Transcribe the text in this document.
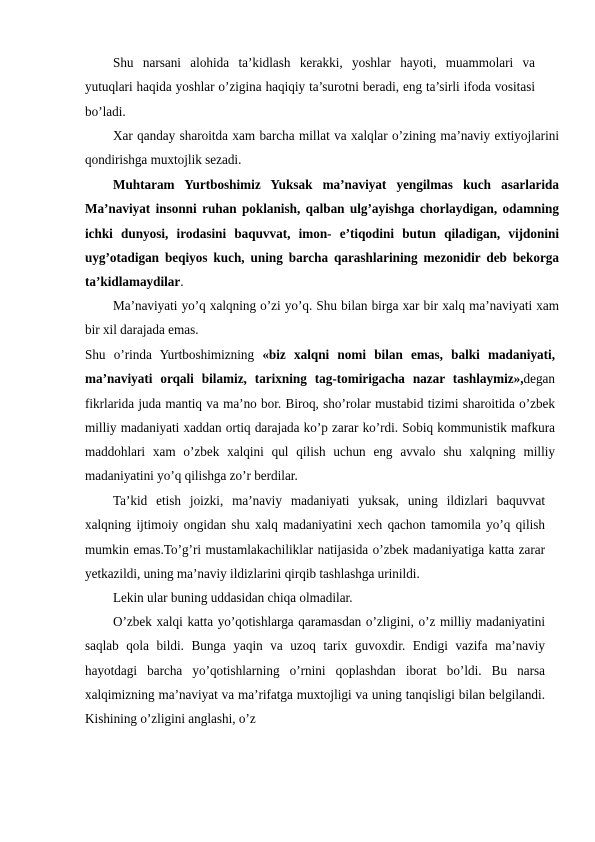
Shu narsani alohida ta’kidlash kerakki, yoshlar hayoti, muammolari va yutuqlari haqida yoshlar o’zigina haqiqiy ta’surotni beradi, eng ta’sirli ifoda vositasi bo’ladi.

Xar qanday sharoitda xam barcha millat va xalqlar o’zining ma’naviy extiyojlarini qondirishga muxtojlik sezadi.

Muhtaram Yurtboshimiz Yuksak ma’naviyat yengilmas kuch asarlarida Ma’naviyat insonni ruhan poklanish, qalban ulg’ayishga chorlaydigan, odamning ichki dunyosi, irodasini baquvvat, imon- e’tiqodini butun qiladigan, vijdonini uyg’otadigan beqiyos kuch, uning barcha qarashlarining mezonidir deb bekorga ta’kidlamaydilar.

Ma’naviyati yo’q xalqning o’zi yo’q. Shu bilan birga xar bir xalq ma’naviyati xam bir xil darajada emas.

Shu o’rinda Yurtboshimizning «biz xalqni nomi bilan emas, balki madaniyati, ma’naviyati orqali bilamiz, tarixning tag-tomirigacha nazar tashlaymiz»,degan fikrlarida juda mantiq va ma’no bor. Biroq, sho’rolar mustabid tizimi sharoitida o’zbek milliy madaniyati xaddan ortiq darajada ko’p zarar ko’rdi. Sobiq kommunistik mafkura maddohlari xam o’zbek xalqini qul qilish uchun eng avvalo shu xalqning milliy madaniyatini yo’q qilishga zo’r berdilar.

Ta’kid etish joizki, ma’naviy madaniyati yuksak, uning ildizlari baquvvat xalqning ijtimoiy ongidan shu xalq madaniyatini xech qachon tamomila yo’q qilish mumkin emas.To’g’ri mustamlakachiliklar natijasida o’zbek madaniyatiga katta zarar yetkazildi, uning ma’naviy ildizlarini qirqib tashlashga urinildi.

Lekin ular buning uddasidan chiqa olmadilar.

O’zbek xalqi katta yo’qotishlarga qaramasdan o’zligini, o’z milliy madaniyatini saqlab qola bildi. Bunga yaqin va uzoq tarix guvoxdir. Endigi vazifa ma’naviy hayotdagi barcha yo’qotishlarning o’rnini qoplashdan iborat bo’ldi. Bu narsa xalqimizning ma’naviyat va ma’rifatga muxtojligi va uning tanqisligi bilan belgilandi. Kishining o’zligini anglashi, o’z
